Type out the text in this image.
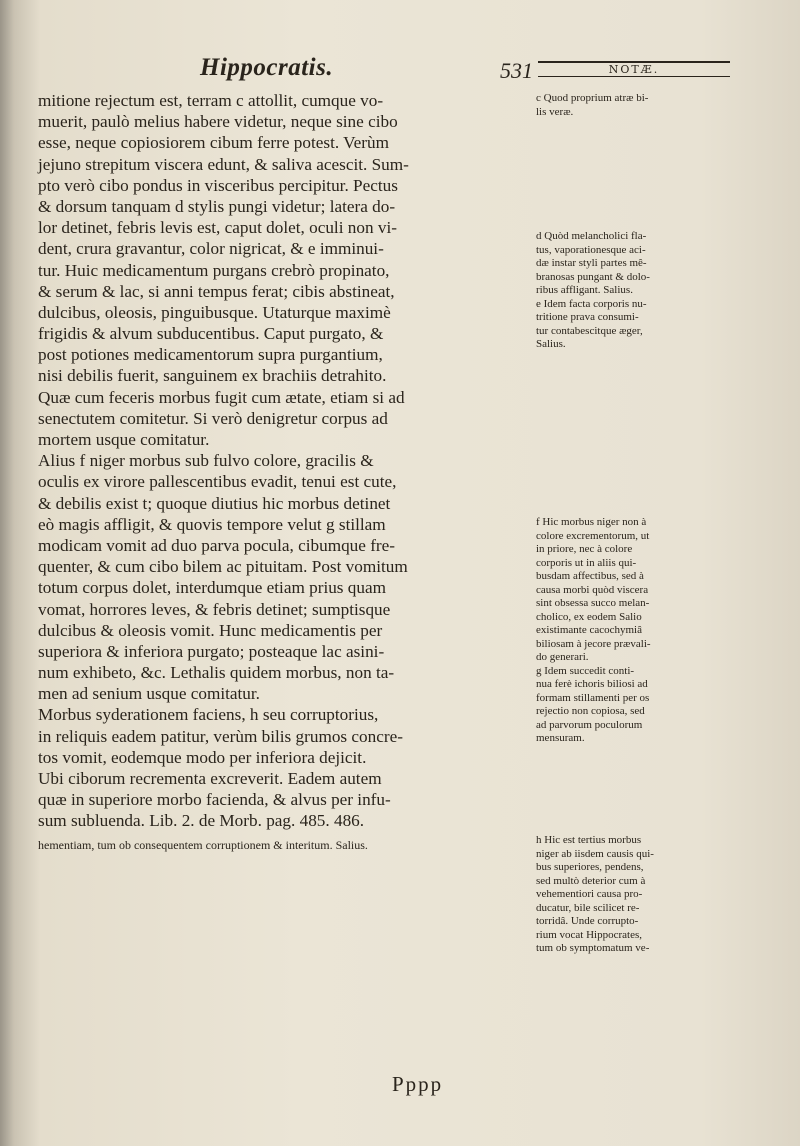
Hippocratis.	531	NOTÆ.
mitione rejectum est, terram c attollit, cumque vo-
muerit, paulò melius habere videtur, neque sine cibo
esse, neque copiosiorem cibum ferre potest. Verùm
jejuno strepitum viscera edunt, & saliva acescit. Sum-
pto verò cibo pondus in visceribus percipitur. Pectus
& dorsum tanquam d stylis pungi videtur; latera do-
lor detinet, febris levis est, caput dolet, oculi non vi-
dent, crura gravantur, color nigricat, & e imminui-
tur. Huic medicamentum purgans crebrò propinato,
& serum & lac, si anni tempus ferat; cibis abstineat,
dulcibus, oleosis, pinguibusque. Utaturque maximè
frigidis & alvum subducentibus. Caput purgato, &
post potiones medicamentorum supra purgantium,
nisi debilis fuerit, sanguinem ex brachiis detrahito.
Quæ cum feceris morbus fugit cum ætate, etiam si ad
senectutem comitetur. Si verò denigretur corpus ad
mortem usque comitatur.
Alius f niger morbus sub fulvo colore, gracilis &
oculis ex virore pallescentibus evadit, tenui est cute,
& debilis exist t; quoque diutius hic morbus detinet
eò magis affligit, & quovis tempore velut g stillam
modicam vomit ad duo parva pocula, cibumque fre-
quenter, & cum cibo bilem ac pituitam. Post vomitum
totum corpus dolet, interdumque etiam prius quam
vomat, horrores leves, & febris detinet; sumptisque
dulcibus & oleosis vomit. Hunc medicamentis per
superiora & inferiora purgato; posteaque lac asini-
num exhibeto, &c. Lethalis quidem morbus, non ta-
men ad senium usque comitatur.
Morbus syderationem faciens, h seu corruptorius,
in reliquis eadem patitur, verùm bilis grumos concre-
tos vomit, eodemque modo per inferiora dejicit.
Ubi ciborum recrementa excreverit. Eadem autem
quæ in superiore morbo facienda, & alvus per infu-
sum subluenda. Lib. 2. de Morb. pag. 485. 486.
hementiam, tum ob consequentem corruptionem & interitum. Salius.
c Quod proprium atræ bi-
lis veræ.
d Quòd melancholici fla-
tus, vaporationesque aci-
dæ instar styli partes mê-
branosas pungant & dolo-
ribus affligant. Salius.
e Idem facta corporis nu-
tritione prava consumi-
tur contabescitque æger,
Salius.
f Hic morbus niger non à
colore excrementorum, ut
in priore, nec à colore
corporis ut in aliis qui-
busdam affectibus, sed à
causa morbi quòd viscera
sint obsessa succo melan-
cholico, ex eodem Salio
existimante cacochymiâ
biliosam à jecore prævali-
do generari.
g Idem succedit conti-
nua ferè ichoris biliosi ad
formam stillamenti per os
rejectio non copiosa, sed
ad parvorum poculorum
mensuram.
h Hic est tertius morbus
niger ab iisdem causis qui-
bus superiores, pendens,
sed multò deterior cum à
vehementiori causa pro-
ducatur, bile scilicet re-
torridâ. Unde corrupto-
rium vocat Hippocrates,
tum ob symptomatum ve-
Pppp
